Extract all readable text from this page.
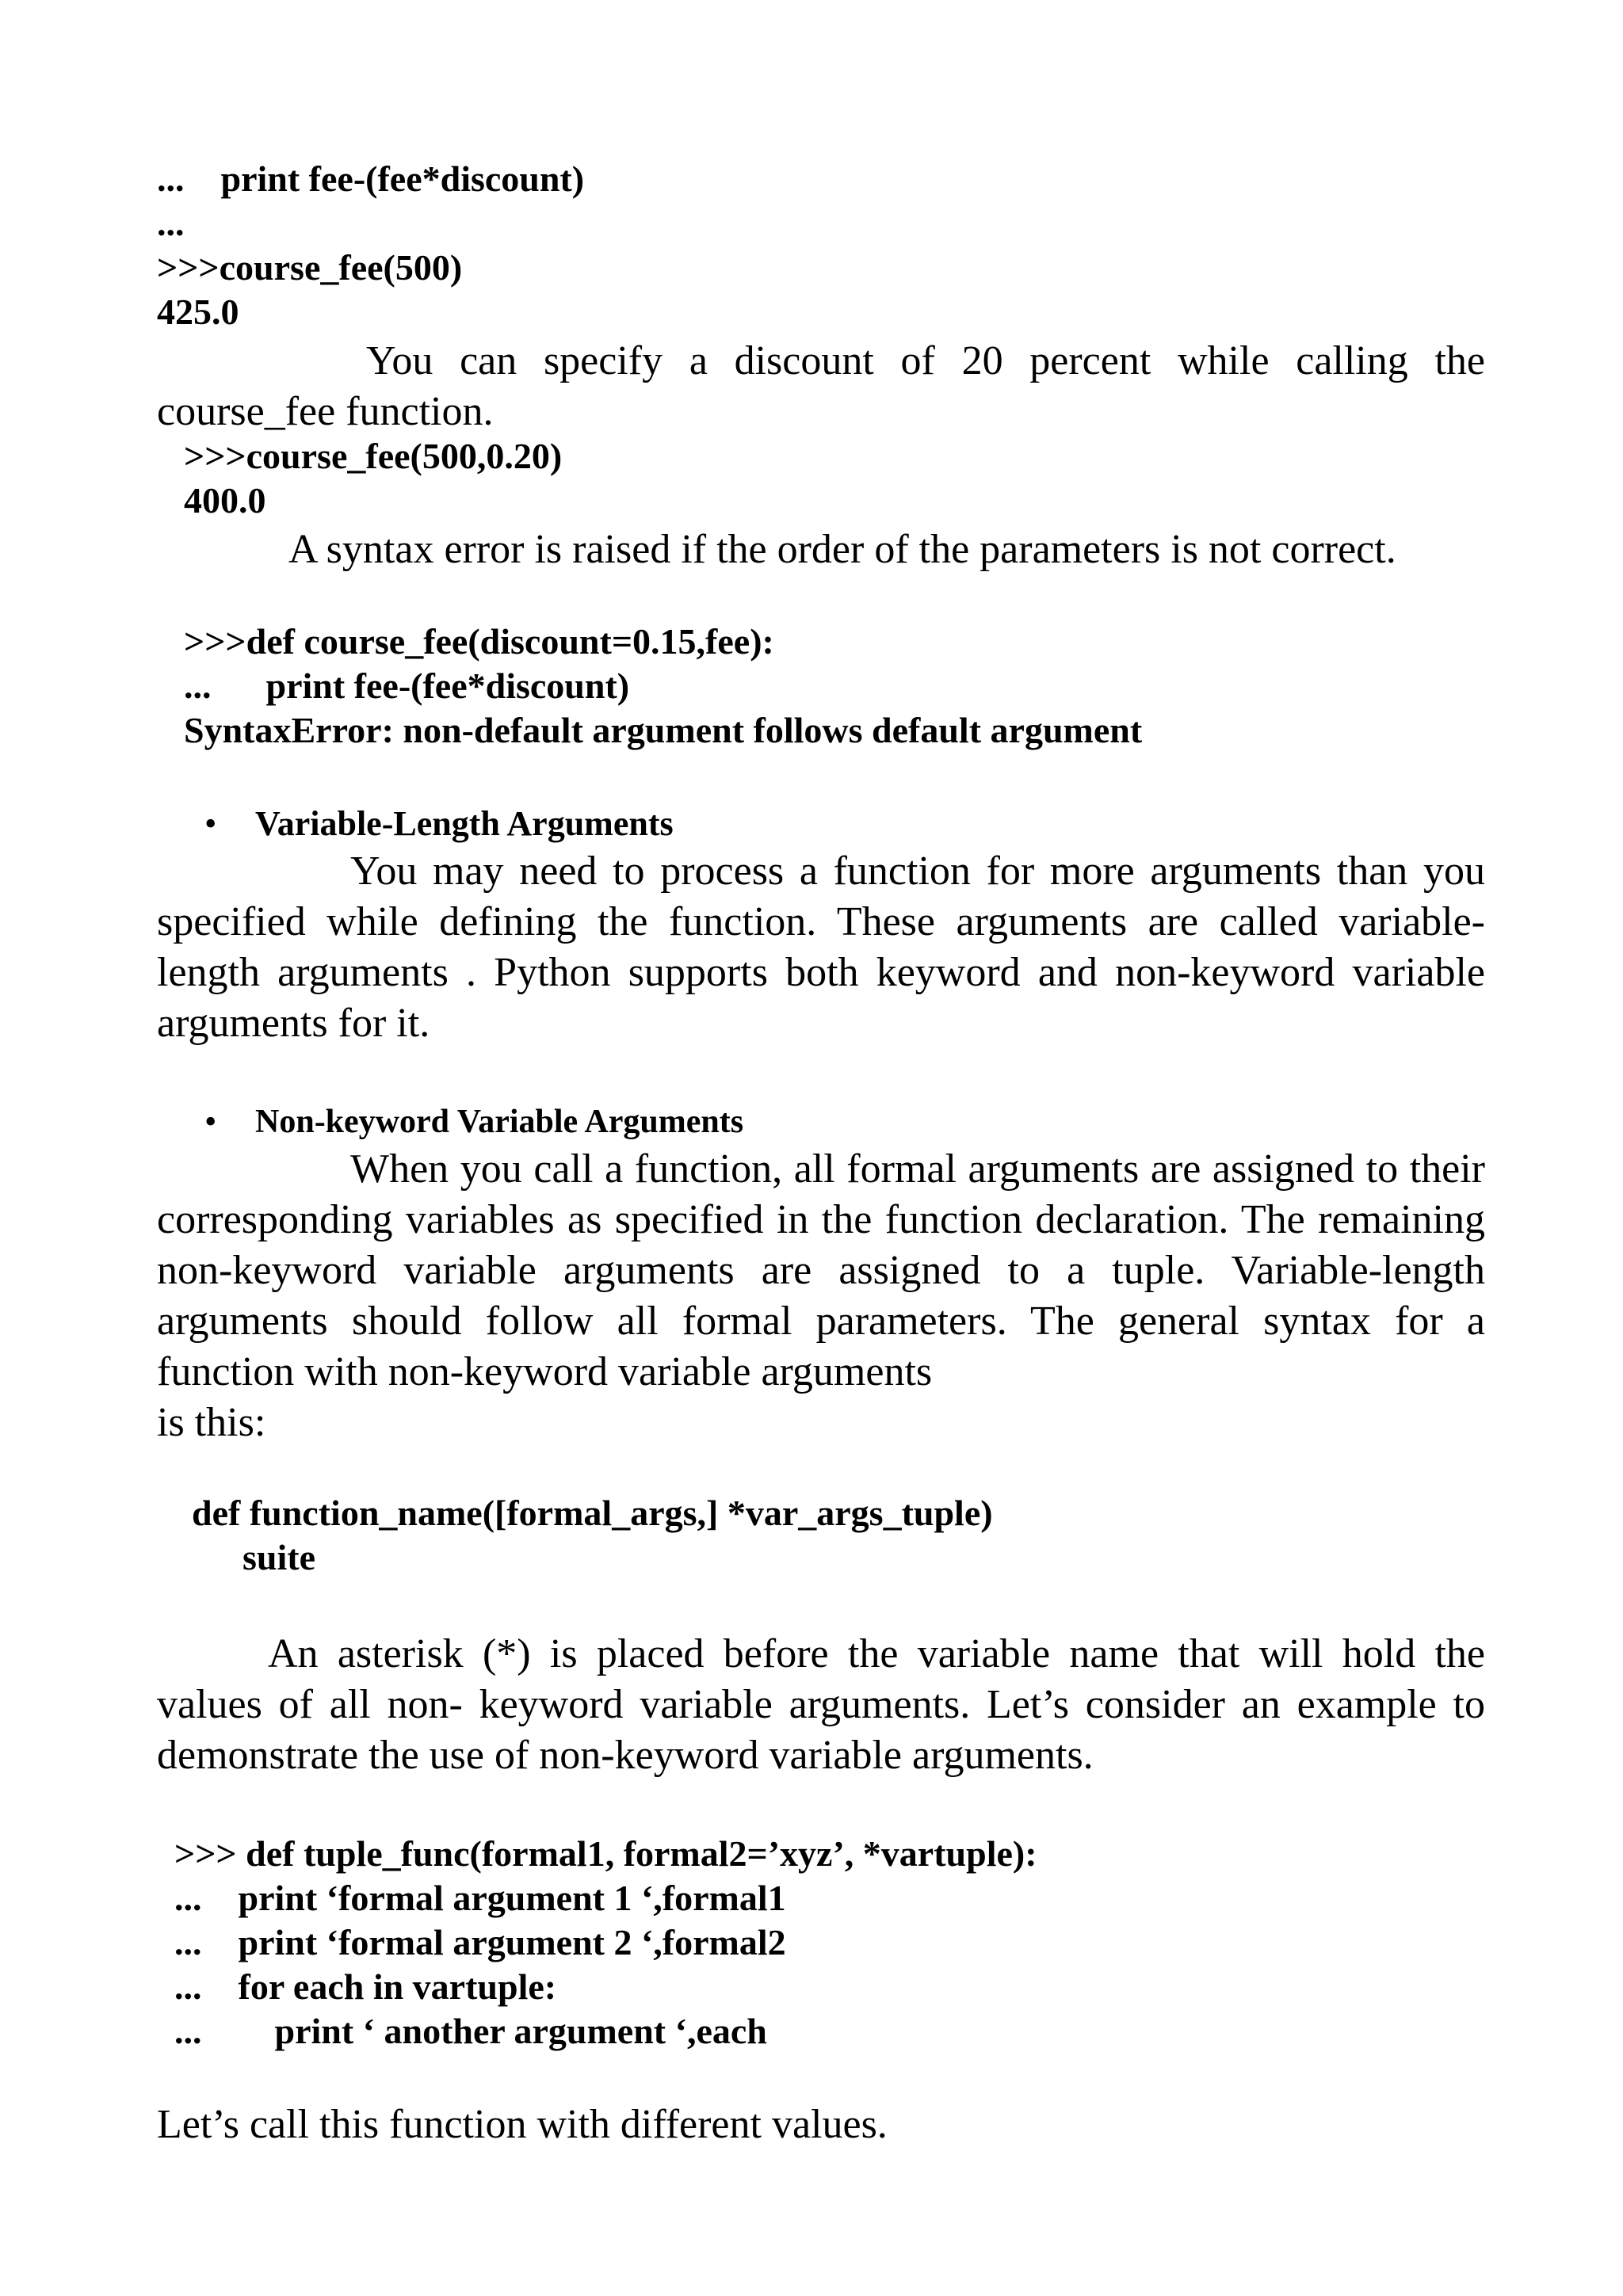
...    print fee-(fee*discount)
...
>>>course_fee(500)
425.0
You can specify a discount of 20 percent while calling the course_fee function.
>>>course_fee(500,0.20)
400.0
A syntax error is raised if the order of the parameters is not correct.
>>>def course_fee(discount=0.15,fee):
...      print fee-(fee*discount)
SyntaxError: non-default argument follows default argument
• Variable-Length Arguments
You may need to process a function for more arguments than you specified while defining the function. These arguments are called variable-length arguments . Python supports both keyword and non-keyword variable arguments for it.
• Non-keyword Variable Arguments
When you call a function, all formal arguments are assigned to their corresponding variables as specified in the function declaration. The remaining non-keyword variable arguments are assigned to a tuple. Variable-length arguments should follow all formal parameters. The general syntax for a function with non-keyword variable arguments
is this:
def function_name([formal_args,] *var_args_tuple)
suite
An asterisk (*) is placed before the variable name that will hold the values of all non- keyword variable arguments. Let’s consider an example to demonstrate the use of non-keyword variable arguments.
>>> def tuple_func(formal1, formal2=’xyz’, *vartuple):
...    print ‘formal argument 1 ‘,formal1
...    print ‘formal argument 2 ‘,formal2
...    for each in vartuple:
...        print ‘ another argument ‘,each
Let’s call this function with different values.
